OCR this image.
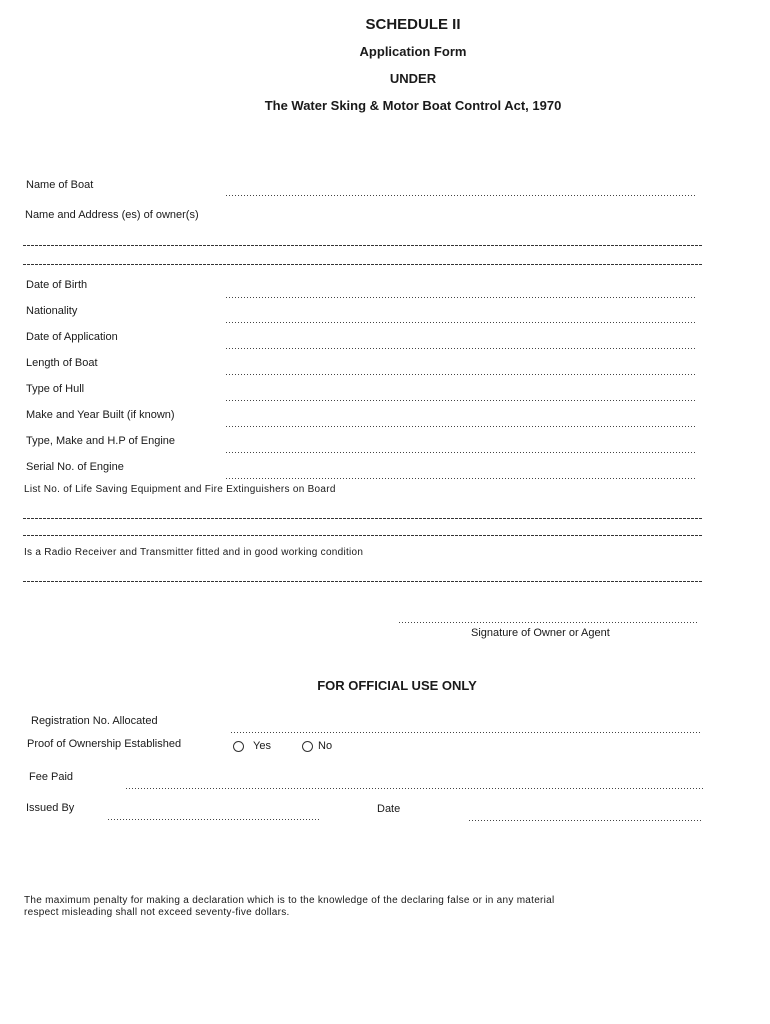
SCHEDULE II
Application Form
UNDER
The Water Sking & Motor Boat Control Act, 1970
Name of Boat
Name and Address (es) of owner(s)
Date of Birth
Nationality
Date of Application
Length of Boat
Type of Hull
Make and Year Built (if known)
Type, Make and H.P of Engine
Serial No. of Engine
List No. of Life Saving Equipment and Fire Extinguishers on Board
Is a Radio Receiver and Transmitter fitted and in good working condition
Signature of Owner or Agent
FOR OFFICIAL USE ONLY
Registration No. Allocated
Proof of Ownership Established	Yes	No
Fee Paid
Issued By	Date
The maximum penalty for making a declaration which is to the knowledge of the declaring false or in any material
respect misleading shall not exceed seventy-five dollars.
